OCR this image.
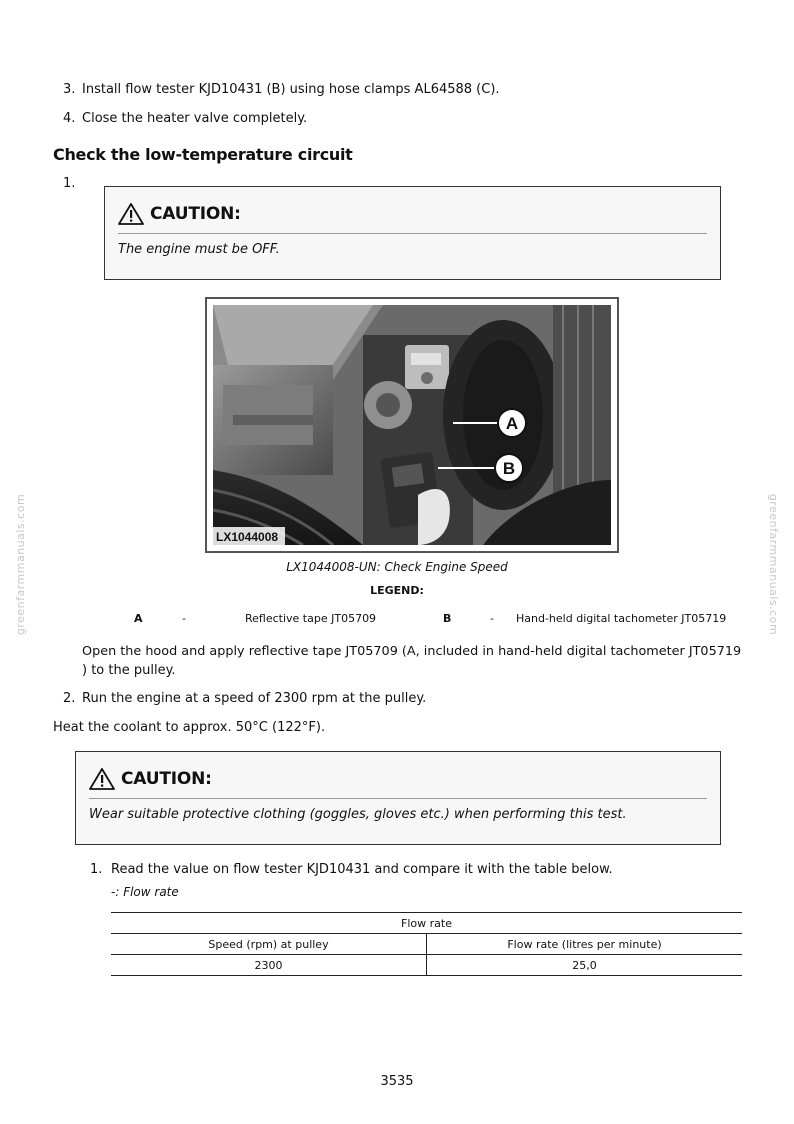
greenfarmmanuals.com	greenfarmmanuals.com
3. Install flow tester KJD10431 (B) using hose clamps AL64588 (C).
4. Close the heater valve completely.
Check the low-temperature circuit
1.
CAUTION:
The engine must be OFF.
A
B
LX1044008
LX1044008-UN: Check Engine Speed
LEGEND:
A	-	Reflective tape JT05709	B	- Hand-held digital tachometer JT05719
Open the hood and apply reflective tape JT05709 (A, included in hand-held digital tachometer JT05719
) to the pulley.
2. Run the engine at a speed of 2300 rpm at the pulley.
Heat the coolant to approx. 50°C (122°F).
CAUTION:
Wear suitable protective clothing (goggles, gloves etc.) when performing this test.
1. Read the value on flow tester KJD10431 and compare it with the table below.
-: Flow rate
Flow rate	
Speed (rpm) at pulley	Flow rate (litres per minute)
2300	25,0
3535
